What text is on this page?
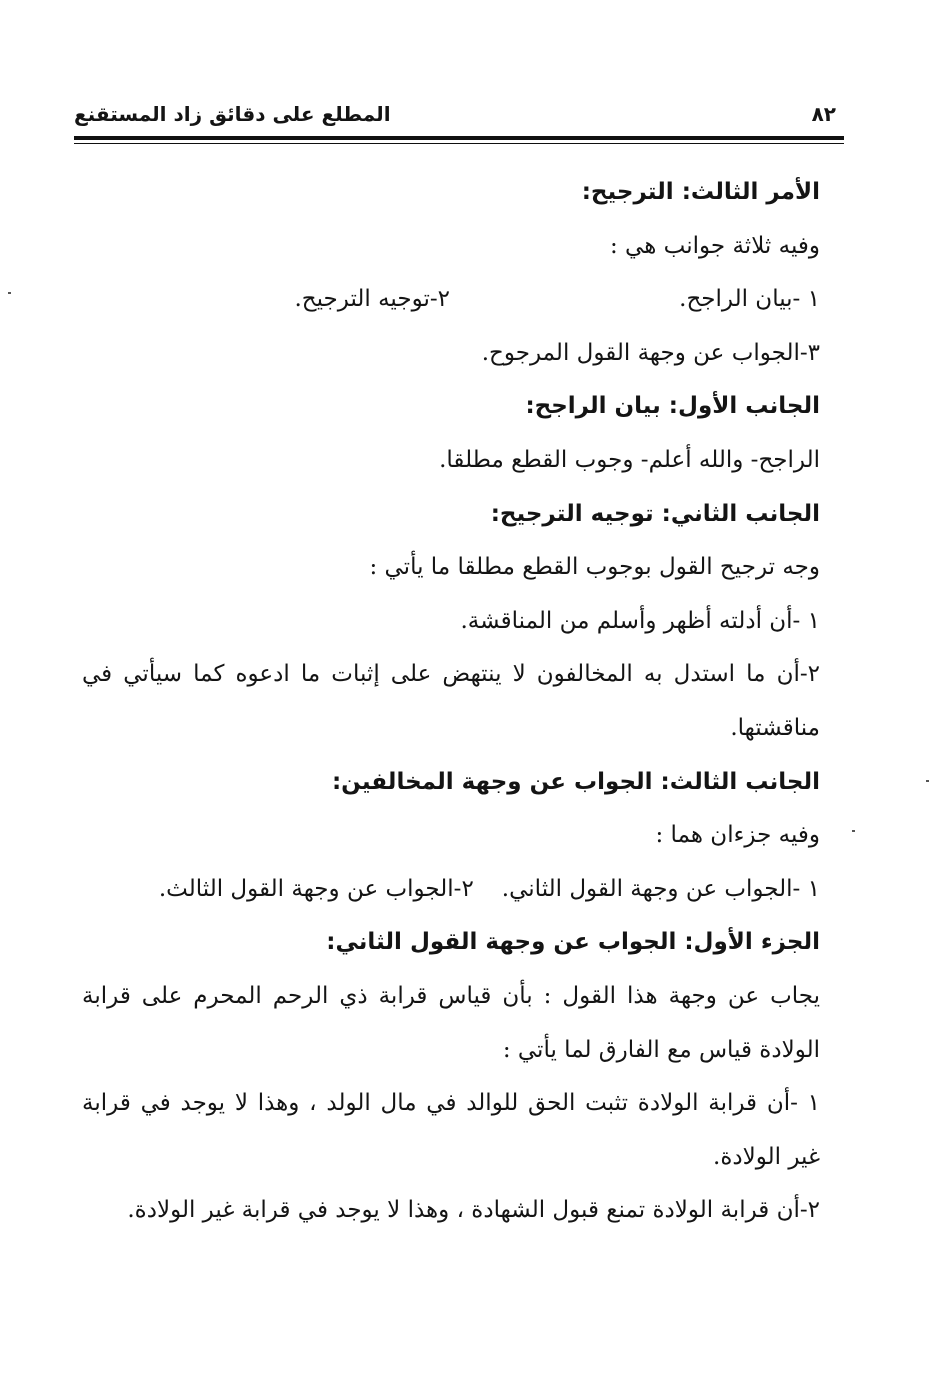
٨٢
المطلع على دقائق زاد المستقنع
الأمر الثالث: الترجيح:
وفيه ثلاثة جوانب هي :
١ -بيان الراجح.
٢-توجيه الترجيح.
٣-الجواب عن وجهة القول المرجوح.
الجانب الأول: بيان الراجح:
الراجح- والله أعلم- وجوب القطع مطلقا.
الجانب الثاني: توجيه الترجيح:
وجه ترجيح القول بوجوب القطع مطلقا ما يأتي :
١ -أن أدلته أظهر وأسلم من المناقشة.
٢-أن ما استدل به المخالفون لا ينتهض على إثبات ما ادعوه كما سيأتي في
مناقشتها.
الجانب الثالث: الجواب عن وجهة المخالفين:
وفيه جزءان هما :
١ -الجواب عن وجهة القول الثاني.
٢-الجواب عن وجهة القول الثالث.
الجزء الأول: الجواب عن وجهة القول الثاني:
يجاب عن وجهة هذا القول : بأن قياس قرابة ذي الرحم المحرم على قرابة
الولادة قياس مع الفارق لما يأتي :
١ -أن قرابة الولادة تثبت الحق للوالد في مال الولد ، وهذا لا يوجد في قرابة
غير الولادة.
٢-أن قرابة الولادة تمنع قبول الشهادة ، وهذا لا يوجد في قرابة غير الولادة.
